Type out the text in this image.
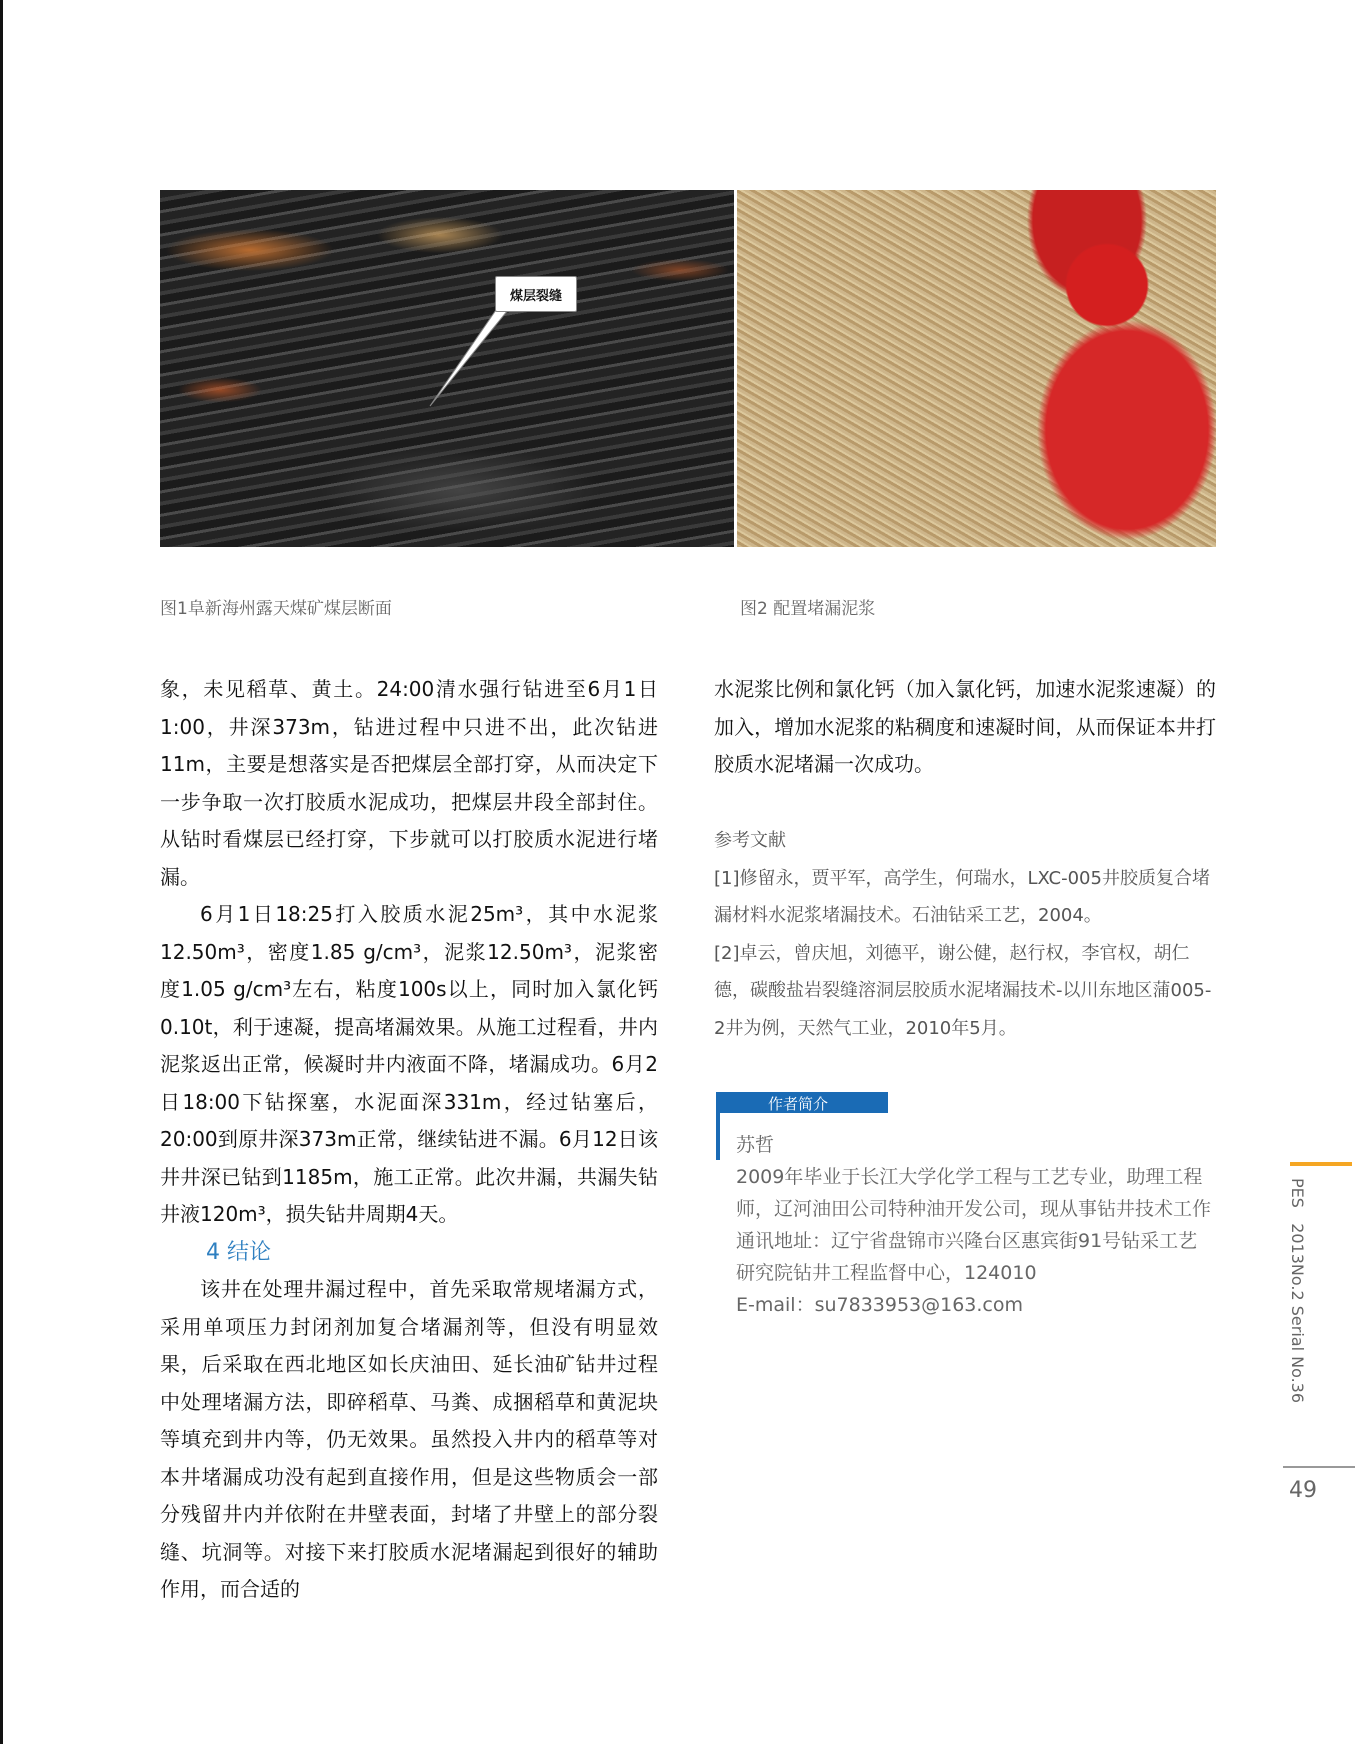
煤层裂缝
图1阜新海州露天煤矿煤层断面	图2 配置堵漏泥浆

象，未见稻草、黄土。24:00清水强行钻进至6月1日1:00，井深373m，钻进过程中只进不出，此次钻进11m，主要是想落实是否把煤层全部打穿，从而决定下一步争取一次打胶质水泥成功，把煤层井段全部封住。从钻时看煤层已经打穿，下步就可以打胶质水泥进行堵漏。

6月1日18:25打入胶质水泥25m³，其中水泥浆12.50m³，密度1.85 g/cm³，泥浆12.50m³，泥浆密度1.05 g/cm³左右，粘度100s以上，同时加入氯化钙0.10t，利于速凝，提高堵漏效果。从施工过程看，井内泥浆返出正常，候凝时井内液面不降，堵漏成功。6月2日18:00下钻探塞，水泥面深331m，经过钻塞后，20:00到原井深373m正常，继续钻进不漏。6月12日该井井深已钻到1185m，施工正常。此次井漏，共漏失钻井液120m³，损失钻井周期4天。

4 结论

该井在处理井漏过程中，首先采取常规堵漏方式，采用单项压力封闭剂加复合堵漏剂等，但没有明显效果，后采取在西北地区如长庆油田、延长油矿钻井过程中处理堵漏方法，即碎稻草、马粪、成捆稻草和黄泥块等填充到井内等，仍无效果。虽然投入井内的稻草等对本井堵漏成功没有起到直接作用，但是这些物质会一部分残留井内并依附在井壁表面，封堵了井壁上的部分裂缝、坑洞等。对接下来打胶质水泥堵漏起到很好的辅助作用，而合适的

水泥浆比例和氯化钙（加入氯化钙，加速水泥浆速凝）的加入，增加水泥浆的粘稠度和速凝时间，从而保证本井打胶质水泥堵漏一次成功。

参考文献

[1]修留永，贾平军，高学生，何瑞水，LXC-005井胶质复合堵漏材料水泥浆堵漏技术。石油钻采工艺，2004。

[2]卓云，曾庆旭，刘德平，谢公健，赵行权，李官权，胡仁德，碳酸盐岩裂缝溶洞层胶质水泥堵漏技术-以川东地区蒲005-2井为例，天然气工业，2010年5月。

作者简介

苏哲

2009年毕业于长江大学化学工程与工艺专业，助理工程师，辽河油田公司特种油开发公司，现从事钻井技术工作

通讯地址：辽宁省盘锦市兴隆台区惠宾街91号钻采工艺研究院钻井工程监督中心，124010

E-mail：su7833953@163.com

PES   2013No.2 Serial No.36
49
